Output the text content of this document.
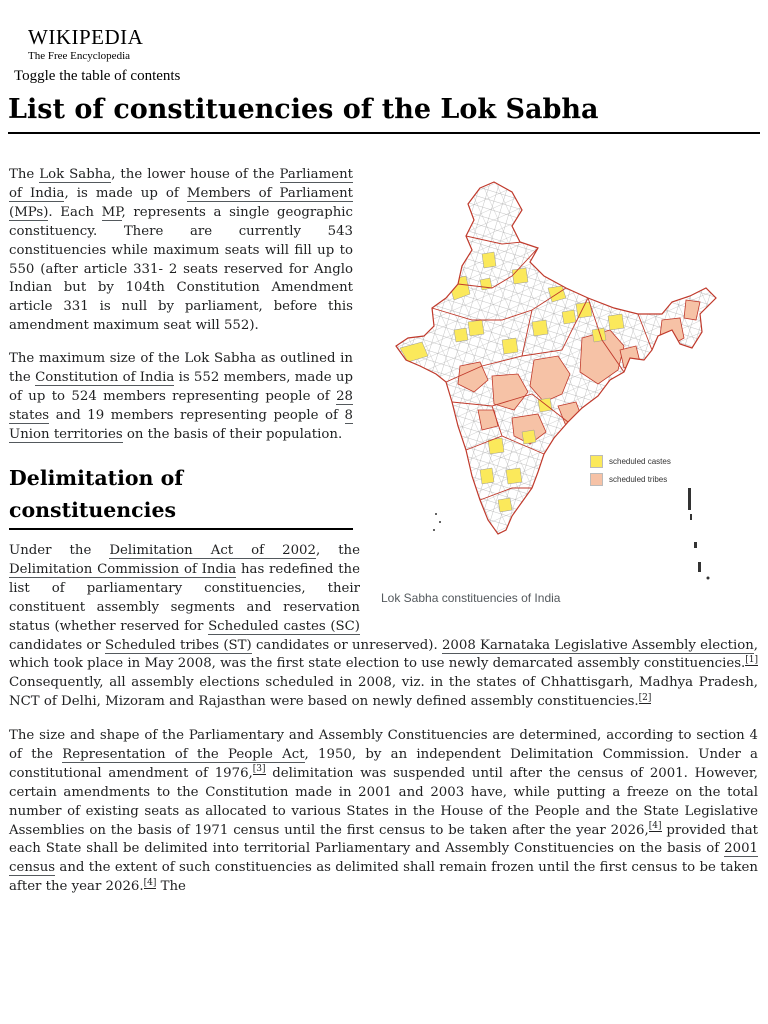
WIKIPEDIA
The Free Encyclopedia
Toggle the table of contents
List of constituencies of the Lok Sabha

The Lok Sabha, the lower house of the Parliament of India, is made up of Members of Parliament (MPs). Each MP, represents a single geographic constituency. There are currently 543 constituencies while maximum seats will fill up to 550 (after article 331- 2 seats reserved for Anglo Indian but by 104th Constitution Amendment article 331 is null by parliament, before this amendment maximum seat will 552).

The maximum size of the Lok Sabha as outlined in the Constitution of India is 552 members, made up of up to 524 members representing people of 28 states and 19 members representing people of 8 Union territories on the basis of their population.

Delimitation of constituencies

Under the Delimitation Act of 2002, the Delimitation Commission of India has redefined the list of parliamentary constituencies, their constituent assembly segments and reservation status (whether reserved for Scheduled castes (SC) candidates or Scheduled tribes (ST) candidates or unreserved). 2008 Karnataka Legislative Assembly election, which took place in May 2008, was the first state election to use newly demarcated assembly constituencies.[1] Consequently, all assembly elections scheduled in 2008, viz. in the states of Chhattisgarh, Madhya Pradesh, NCT of Delhi, Mizoram and Rajasthan were based on newly defined assembly constituencies.[2]

The size and shape of the Parliamentary and Assembly Constituencies are determined, according to section 4 of the Representation of the People Act, 1950, by an independent Delimitation Commission. Under a constitutional amendment of 1976,[3] delimitation was suspended until after the census of 2001. However, certain amendments to the Constitution made in 2001 and 2003 have, while putting a freeze on the total number of existing seats as allocated to various States in the House of the People and the State Legislative Assemblies on the basis of 1971 census until the first census to be taken after the year 2026,[4] provided that each State shall be delimited into territorial Parliamentary and Assembly Constituencies on the basis of 2001 census and the extent of such constituencies as delimited shall remain frozen until the first census to be taken after the year 2026.[4] The

scheduled castes
scheduled tribes
Lok Sabha constituencies of India
